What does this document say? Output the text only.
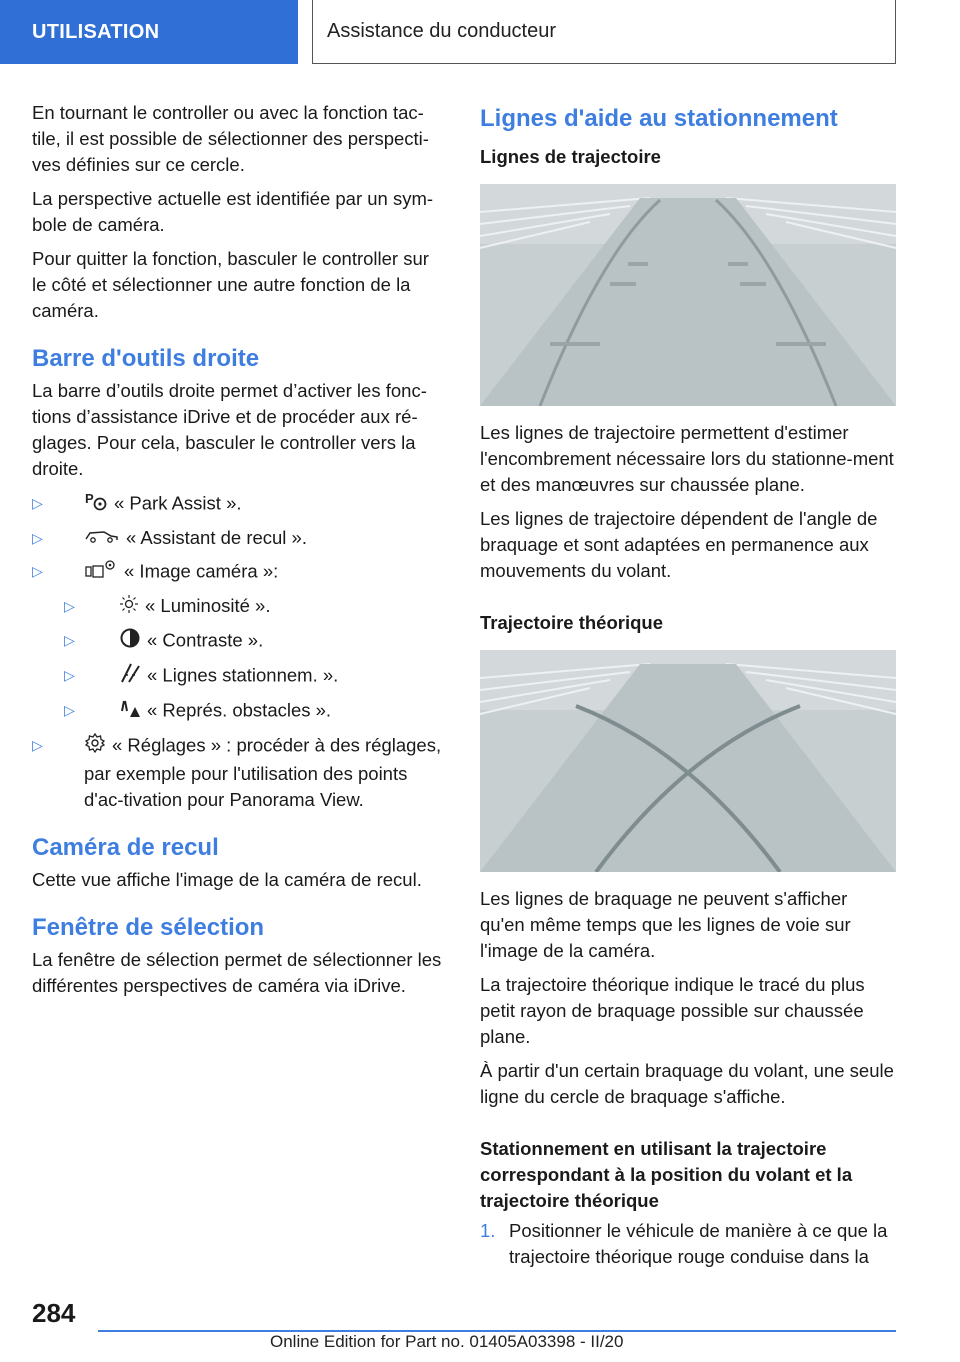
UTILISATION	Assistance du conducteur

En tournant le controller ou avec la fonction tac-tile, il est possible de sélectionner des perspecti-ves définies sur ce cercle.

La perspective actuelle est identifiée par un sym-bole de caméra.

Pour quitter la fonction, basculer le controller sur le côté et sélectionner une autre fonction de la caméra.

Barre d'outils droite

La barre d’outils droite permet d’activer les fonc-tions d’assistance iDrive et de procéder aux ré-glages. Pour cela, basculer le controller vers la droite.

▷	P « Park Assist ».
▷	« Assistant de recul ».
▷	« Image caméra »:
▷	« Luminosité ».
▷	« Contraste ».
▷	« Lignes stationnem. ».
▷	« Représ. obstacles ».
▷	« Réglages » : procéder à des réglages, par exemple pour l'utilisation des points d'ac-tivation pour Panorama View.
Caméra de recul

Cette vue affiche l'image de la caméra de recul.

Fenêtre de sélection

La fenêtre de sélection permet de sélectionner les différentes perspectives de caméra via iDrive.

Lignes d'aide au stationnement
Lignes de trajectoire

Les lignes de trajectoire permettent d'estimer l'encombrement nécessaire lors du stationne-ment et des manœuvres sur chaussée plane.

Les lignes de trajectoire dépendent de l'angle de braquage et sont adaptées en permanence aux mouvements du volant.

Trajectoire théorique

Les lignes de braquage ne peuvent s'afficher qu'en même temps que les lignes de voie sur l'image de la caméra.

La trajectoire théorique indique le tracé du plus petit rayon de braquage possible sur chaussée plane.

À partir d'un certain braquage du volant, une seule ligne du cercle de braquage s'affiche.

Stationnement en utilisant la trajectoire correspondant à la position du volant et la trajectoire théorique
1. Positionner le véhicule de manière à ce que la trajectoire théorique rouge conduise dans la
284
Online Edition for Part no. 01405A03398 - II/20
